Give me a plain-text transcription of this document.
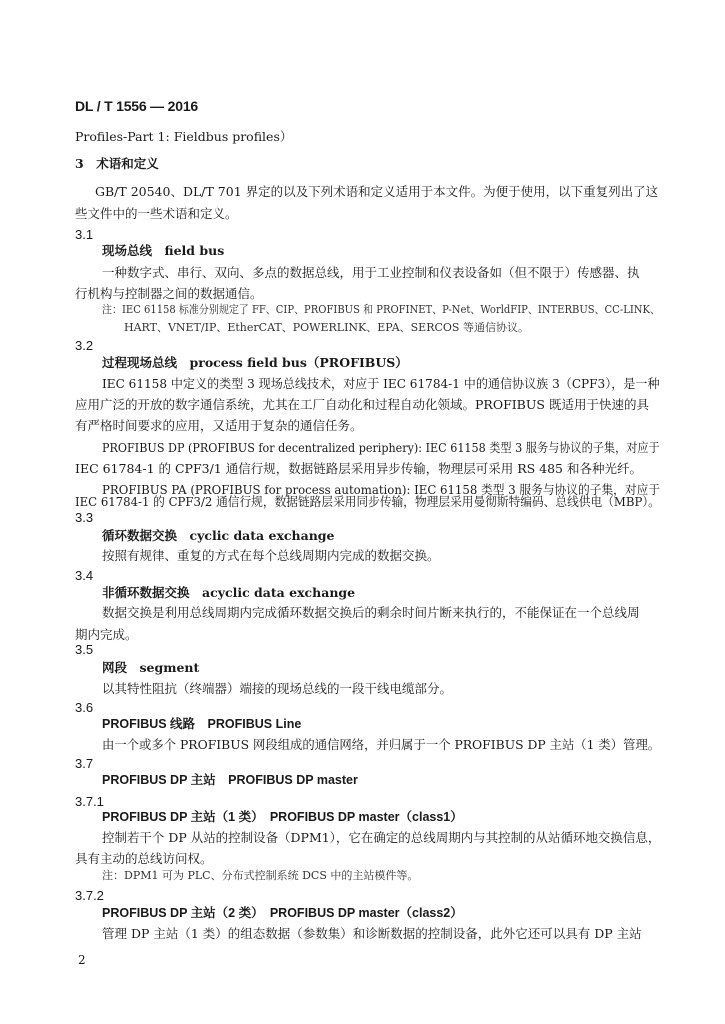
DL / T 1556 — 2016
Profiles-Part 1: Fieldbus profiles）
3　术语和定义
GB/T 20540、DL/T 701 界定的以及下列术语和定义适用于本文件。为便于使用，以下重复列出了这
些文件中的一些术语和定义。
3.1
现场总线　field bus
一种数字式、串行、双向、多点的数据总线，用于工业控制和仪表设备如（但不限于）传感器、执
行机构与控制器之间的数据通信。
注：IEC 61158 标准分别规定了 FF、CIP、PROFIBUS 和 PROFINET、P-Net、WorldFIP、INTERBUS、CC-LINK、
HART、VNET/IP、EtherCAT、POWERLINK、EPA、SERCOS 等通信协议。
3.2
过程现场总线　process field bus（PROFIBUS）
IEC 61158 中定义的类型 3 现场总线技术，对应于 IEC 61784-1 中的通信协议族 3（CPF3），是一种
应用广泛的开放的数字通信系统，尤其在工厂自动化和过程自动化领域。PROFIBUS 既适用于快速的具
有严格时间要求的应用，又适用于复杂的通信任务。
PROFIBUS DP (PROFIBUS for decentralized periphery): IEC 61158 类型 3 服务与协议的子集，对应于
IEC 61784-1 的 CPF3/1 通信行规，数据链路层采用异步传输，物理层可采用 RS 485 和各种光纤。
PROFIBUS PA (PROFIBUS for process automation): IEC 61158 类型 3 服务与协议的子集，对应于
IEC 61784-1 的 CPF3/2 通信行规，数据链路层采用同步传输，物理层采用曼彻斯特编码、总线供电（MBP）。
3.3
循环数据交换　cyclic data exchange
按照有规律、重复的方式在每个总线周期内完成的数据交换。
3.4
非循环数据交换　acyclic data exchange
数据交换是利用总线周期内完成循环数据交换后的剩余时间片断来执行的，不能保证在一个总线周
期内完成。
3.5
网段　segment
以其特性阻抗（终端器）端接的现场总线的一段干线电缆部分。
3.6
PROFIBUS 线路　PROFIBUS Line
由一个或多个 PROFIBUS 网段组成的通信网络，并归属于一个 PROFIBUS DP 主站（1 类）管理。
3.7
PROFIBUS DP 主站　PROFIBUS DP master
3.7.1
PROFIBUS DP 主站（1 类）　PROFIBUS DP master（class1）
控制若干个 DP 从站的控制设备（DPM1），它在确定的总线周期内与其控制的从站循环地交换信息，
具有主动的总线访问权。
注：DPM1 可为 PLC、分布式控制系统 DCS 中的主站模件等。
3.7.2
PROFIBUS DP 主站（2 类）　PROFIBUS DP master（class2）
管理 DP 主站（1 类）的组态数据（参数集）和诊断数据的控制设备，此外它还可以具有 DP 主站
2
